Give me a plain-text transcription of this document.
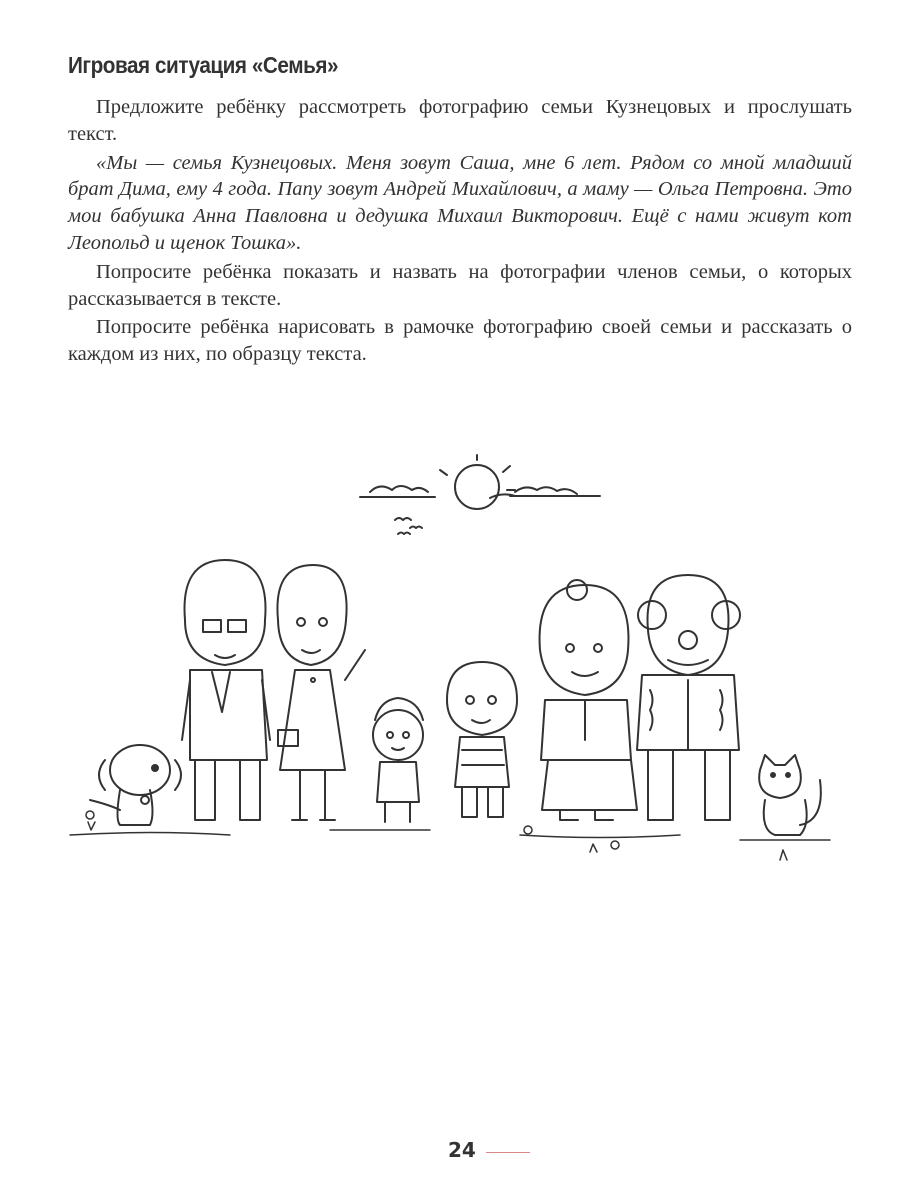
Игровая ситуация «Семья»

Предложите ребёнку рассмотреть фотографию семьи Кузнецовых и прослушать текст.

«Мы — семья Кузнецовых. Меня зовут Саша, мне 6 лет. Рядом со мной младший брат Дима, ему 4 года. Папу зовут Андрей Михайлович, а маму — Ольга Петровна. Это мои бабушка Анна Павловна и дедушка Михаил Викторович. Ещё с нами живут кот Леопольд и щенок Тошка».

Попросите ребёнка показать и назвать на фотографии членов семьи, о которых рассказывается в тексте.

Попросите ребёнка нарисовать в рамочке фотографию своей семьи и рассказать о каждом из них, по образцу текста.

24
